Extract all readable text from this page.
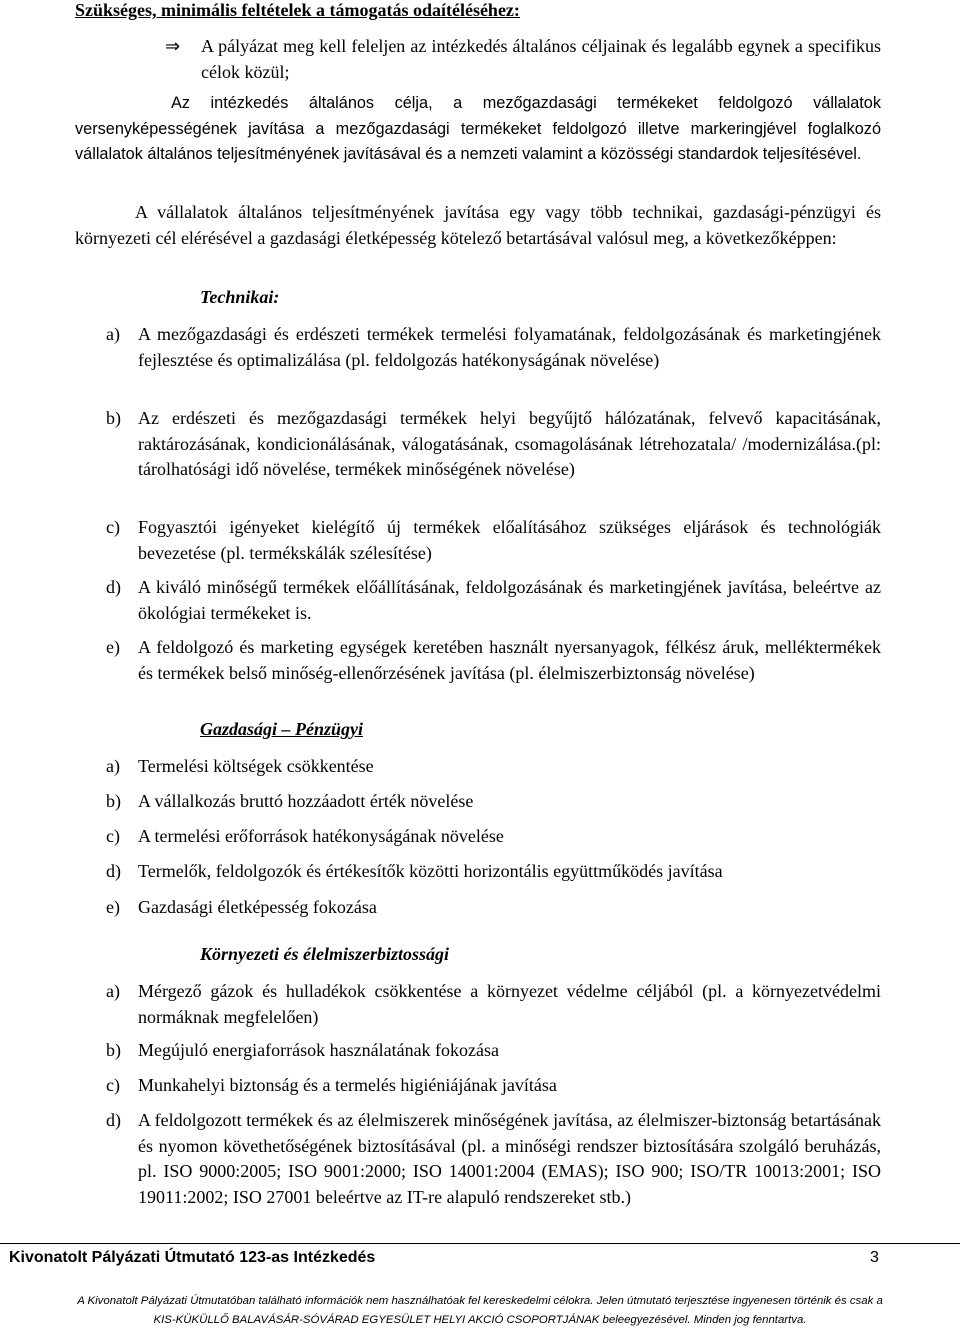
Szükséges, minimális feltételek a támogatás odaítéléséhez:
⇒ A pályázat meg kell feleljen az intézkedés általános céljainak és legalább egynek a specifikus célok közül;
Az intézkedés általános célja, a mezőgazdasági termékeket feldolgozó vállalatok versenyképességének javítása a mezőgazdasági termékeket feldolgozó illetve markeringjével foglalkozó vállalatok általános teljesítményének javításával és a nemzeti valamint a közösségi standardok teljesítésével.
A vállalatok általános teljesítményének javítása egy vagy több technikai, gazdasági-pénzügyi és környezeti cél elérésével a gazdasági életképesség kötelező betartásával valósul meg, a következőképpen:
Technikai:
a) A mezőgazdasági és erdészeti termékek termelési folyamatának, feldolgozásának és marketingjének fejlesztése és optimalizálása (pl. feldolgozás hatékonyságának növelése)
b) Az erdészeti és mezőgazdasági termékek helyi begyűjtő hálózatának, felvevő kapacitásának, raktározásának, kondicionálásának, válogatásának, csomagolásának létrehozatala/ /modernizálása.(pl: tárolhatósági idő növelése, termékek minőségének növelése)
c) Fogyasztói igényeket kielégítő új termékek előalításához szükséges eljárások és technológiák bevezetése (pl. termékskálák szélesítése)
d) A kiváló minőségű termékek előállításának, feldolgozásának és marketingjének javítása, beleértve az ökológiai termékeket is.
e) A feldolgozó és marketing egységek keretében használt nyersanyagok, félkész áruk, melléktermékek és termékek belső minőség-ellenőrzésének javítása (pl. élelmiszerbiztonság növelése)
Gazdasági – Pénzügyi
a) Termelési költségek csökkentése
b) A vállalkozás bruttó hozzáadott érték növelése
c) A termelési erőforrások hatékonyságának növelése
d) Termelők, feldolgozók és értékesítők közötti horizontális együttműködés javítása
e) Gazdasági életképesség fokozása
Környezeti és élelmiszerbiztossági
a) Mérgező gázok és hulladékok csökkentése a környezet védelme céljából (pl. a környezetvédelmi normáknak megfelelően)
b) Megújuló energiaforrások használatának fokozása
c) Munkahelyi biztonság és a termelés higiéniájának javítása
d) A feldolgozott termékek és az élelmiszerek minőségének javítása, az élelmiszer-biztonság betartásának és nyomon követhetőségének biztosításával (pl. a minőségi rendszer biztosítására szolgáló beruházás, pl. ISO 9000:2005; ISO 9001:2000; ISO 14001:2004 (EMAS); ISO 900; ISO/TR 10013:2001; ISO 19011:2002; ISO 27001 beleértve az IT-re alapuló rendszereket stb.)
Kivonatolt Pályázati Útmutató 123-as Intézkedés	3
A Kivonatolt Pályázati Útmutatóban található információk nem használhatóak fel kereskedelmi célokra. Jelen útmutató terjesztése ingyenesen történik és csak a
KIS-KÜKÜLLŐ BALAVÁSÁR-SÓVÁRAD EGYESÜLET HELYI AKCIÓ CSOPORTJÁNAK beleegyezésével. Minden jog fenntartva.
